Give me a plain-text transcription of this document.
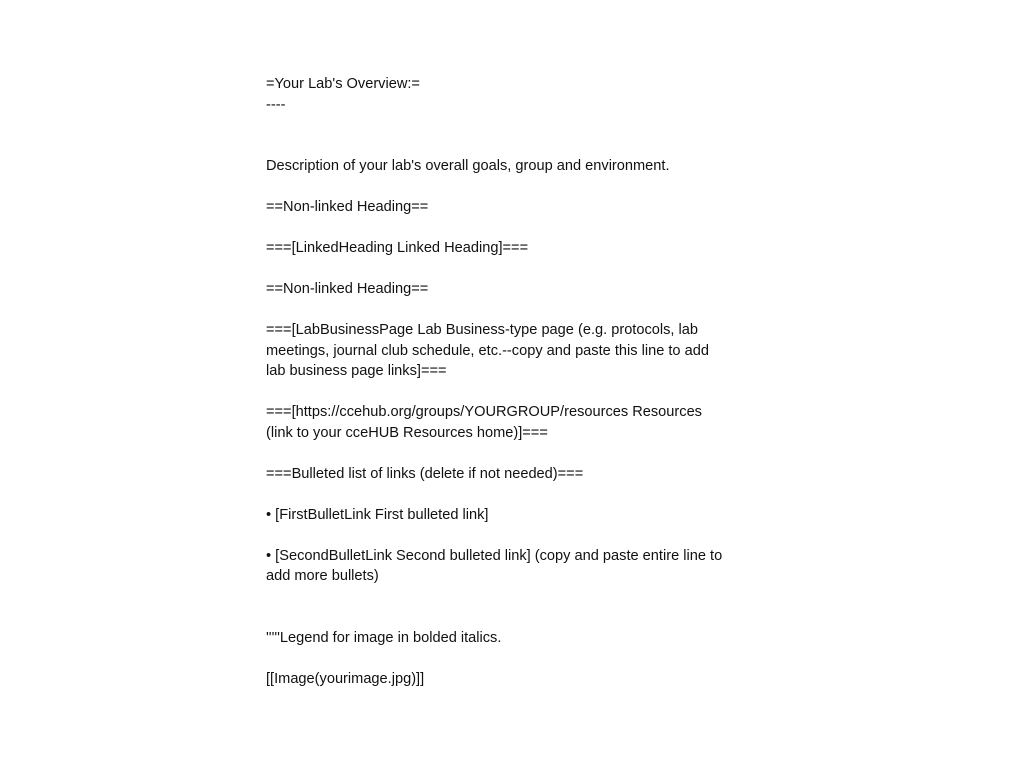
=Your Lab's Overview:=
----
Description of your lab's overall goals, group and environment.
==Non-linked Heading==
===[LinkedHeading Linked Heading]===
==Non-linked Heading==
===[LabBusinessPage Lab Business-type page (e.g. protocols, lab
meetings, journal club schedule, etc.--copy and paste this line to add
lab business page links]===
===[https://ccehub.org/groups/YOURGROUP/resources Resources
(link to your cceHUB Resources home)]===
===Bulleted list of links (delete if not needed)===
• [FirstBulletLink First bulleted link]
• [SecondBulletLink Second bulleted link] (copy and paste entire line to
add more bullets)
'''''Legend for image in bolded italics.
[[Image(yourimage.jpg)]]
